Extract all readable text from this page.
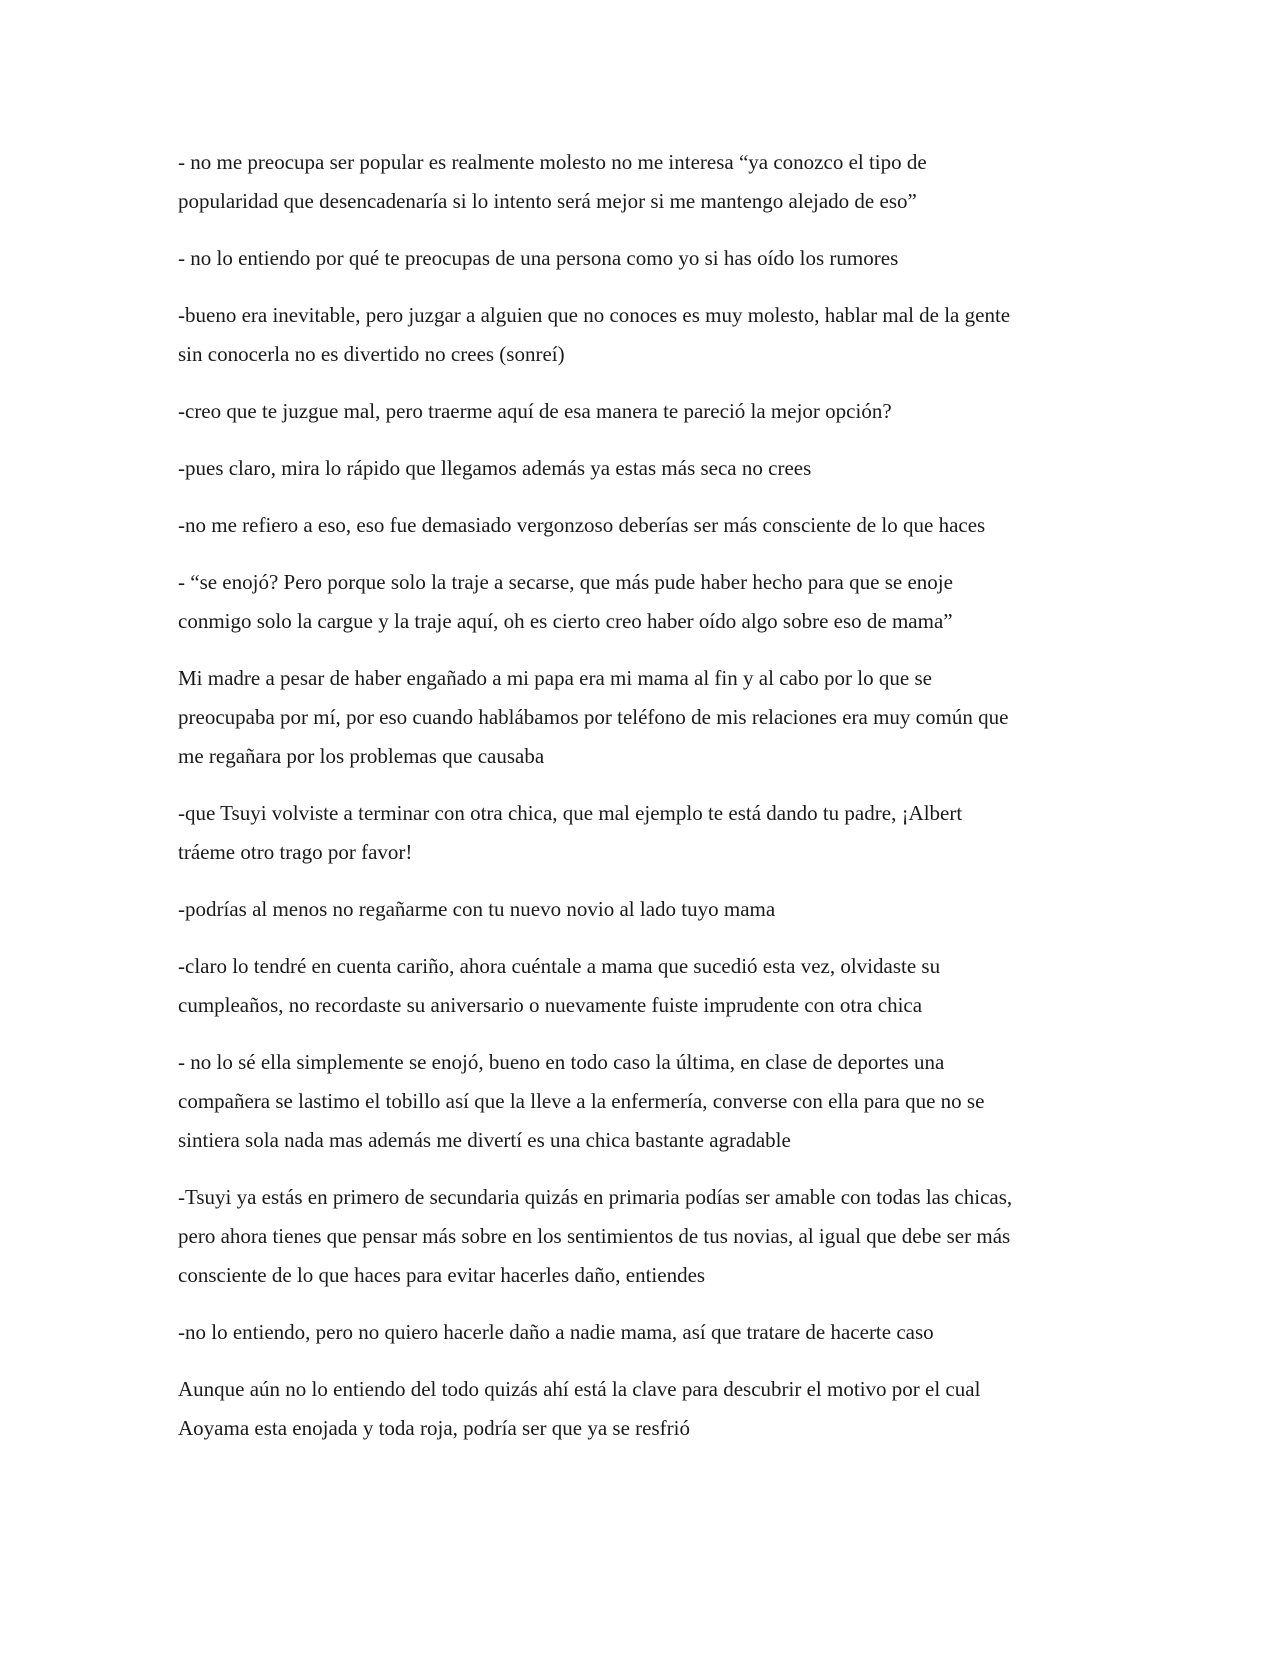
- no me preocupa ser popular es realmente molesto no me interesa “ya conozco el tipo de
popularidad que desencadenaría si lo intento será mejor si me mantengo alejado de eso”

- no lo entiendo por qué te preocupas de una persona como yo si has oído los rumores

-bueno era inevitable, pero juzgar a alguien que no conoces es muy molesto, hablar mal de la gente
sin conocerla no es divertido no crees (sonreí)

-creo que te juzgue mal, pero traerme aquí de esa manera te pareció la mejor opción?

-pues claro, mira lo rápido que llegamos además ya estas más seca no crees

-no me refiero a eso, eso fue demasiado vergonzoso deberías ser más consciente de lo que haces

- “se enojó? Pero porque solo la traje a secarse, que más pude haber hecho para que se enoje
conmigo solo la cargue y la traje aquí, oh es cierto creo haber oído algo sobre eso de mama”

Mi madre a pesar de haber engañado a mi papa era mi mama al fin y al cabo por lo que se
preocupaba por mí, por eso cuando hablábamos por teléfono de mis relaciones era muy común que
me regañara por los problemas que causaba

-que Tsuyi volviste a terminar con otra chica, que mal ejemplo te está dando tu padre, ¡Albert
tráeme otro trago por favor!

-podrías al menos no regañarme con tu nuevo novio al lado tuyo mama

-claro lo tendré en cuenta cariño, ahora cuéntale a mama que sucedió esta vez, olvidaste su
cumpleaños, no recordaste su aniversario o nuevamente fuiste imprudente con otra chica

- no lo sé ella simplemente se enojó, bueno en todo caso la última, en clase de deportes una
compañera se lastimo el tobillo así que la lleve a la enfermería, converse con ella para que no se
sintiera sola nada mas además me divertí es una chica bastante agradable

-Tsuyi ya estás en primero de secundaria quizás en primaria podías ser amable con todas las chicas,
pero ahora tienes que pensar más sobre en los sentimientos de tus novias, al igual que debe ser más
consciente de lo que haces para evitar hacerles daño, entiendes

-no lo entiendo, pero no quiero hacerle daño a nadie mama, así que tratare de hacerte caso

Aunque aún no lo entiendo del todo quizás ahí está la clave para descubrir el motivo por el cual
Aoyama esta enojada y toda roja, podría ser que ya se resfrió
